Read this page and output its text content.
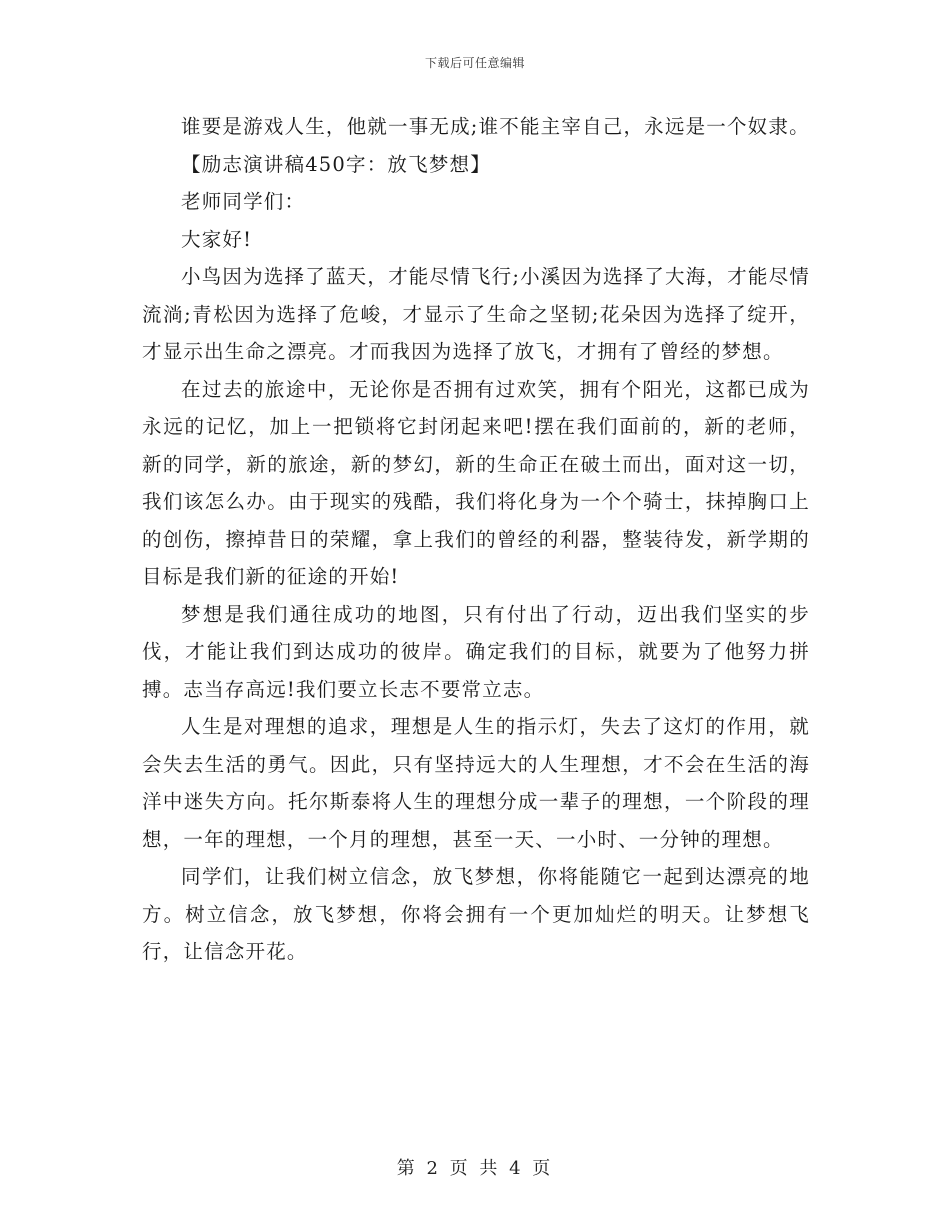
下载后可任意编辑

谁要是游戏人生，他就一事无成;谁不能主宰自己，永远是一个奴隶。

【励志演讲稿450字：放飞梦想】

老师同学们：

大家好!

小鸟因为选择了蓝天，才能尽情飞行;小溪因为选择了大海，才能尽情流淌;青松因为选择了危峻，才显示了生命之坚韧;花朵因为选择了绽开，才显示出生命之漂亮。才而我因为选择了放飞，才拥有了曾经的梦想。

在过去的旅途中，无论你是否拥有过欢笑，拥有个阳光，这都已成为永远的记忆，加上一把锁将它封闭起来吧!摆在我们面前的，新的老师，新的同学，新的旅途，新的梦幻，新的生命正在破土而出，面对这一切，我们该怎么办。由于现实的残酷，我们将化身为一个个骑士，抹掉胸口上的创伤，擦掉昔日的荣耀，拿上我们的曾经的利器，整装待发，新学期的目标是我们新的征途的开始!

梦想是我们通往成功的地图，只有付出了行动，迈出我们坚实的步伐，才能让我们到达成功的彼岸。确定我们的目标，就要为了他努力拼搏。志当存高远!我们要立长志不要常立志。

人生是对理想的追求，理想是人生的指示灯，失去了这灯的作用，就会失去生活的勇气。因此，只有坚持远大的人生理想，才不会在生活的海洋中迷失方向。托尔斯泰将人生的理想分成一辈子的理想，一个阶段的理想，一年的理想，一个月的理想，甚至一天、一小时、一分钟的理想。

同学们，让我们树立信念，放飞梦想，你将能随它一起到达漂亮的地方。树立信念，放飞梦想，你将会拥有一个更加灿烂的明天。让梦想飞行，让信念开花。

第 2 页 共 4 页
